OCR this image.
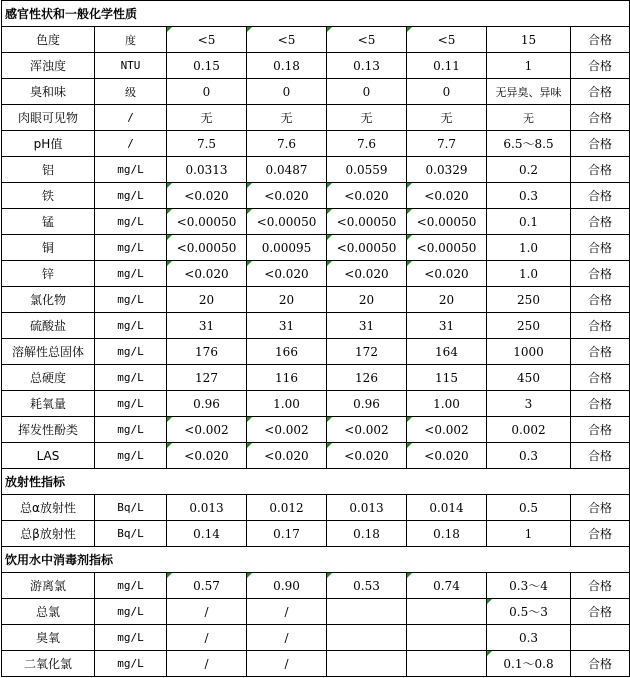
感官性状和一般化学性质							
色度	度	<5	<5	<5	<5	15	合格
浑浊度	NTU	0.15	0.18	0.13	0.11	1	合格
臭和味	级	0	0	0	0	无异臭、异味	合格
肉眼可见物	/	无	无	无	无	无	合格
pH值	/	7.5	7.6	7.6	7.7	6.5～8.5	合格
铝	mg/L	0.0313	0.0487	0.0559	0.0329	0.2	合格
铁	mg/L	<0.020	<0.020	<0.020	<0.020	0.3	合格
锰	mg/L	<0.00050	<0.00050	<0.00050	<0.00050	0.1	合格
铜	mg/L	<0.00050	0.00095	<0.00050	<0.00050	1.0	合格
锌	mg/L	<0.020	<0.020	<0.020	<0.020	1.0	合格
氯化物	mg/L	20	20	20	20	250	合格
硫酸盐	mg/L	31	31	31	31	250	合格
溶解性总固体	mg/L	176	166	172	164	1000	合格
总硬度	mg/L	127	116	126	115	450	合格
耗氧量	mg/L	0.96	1.00	0.96	1.00	3	合格
挥发性酚类	mg/L	<0.002	<0.002	<0.002	<0.002	0.002	合格
LAS	mg/L	<0.020	<0.020	<0.020	<0.020	0.3	合格
放射性指标							
总α放射性	Bq/L	0.013	0.012	0.013	0.014	0.5	合格
总β放射性	Bq/L	0.14	0.17	0.18	0.18	1	合格
饮用水中消毒剂指标							
游离氯	mg/L	0.57	0.90	0.53	0.74	0.3～4	合格
总氯	mg/L	/	/			0.5～3	合格
臭氧	mg/L	/	/			0.3	
二氧化氯	mg/L	/	/			0.1～0.8	合格
